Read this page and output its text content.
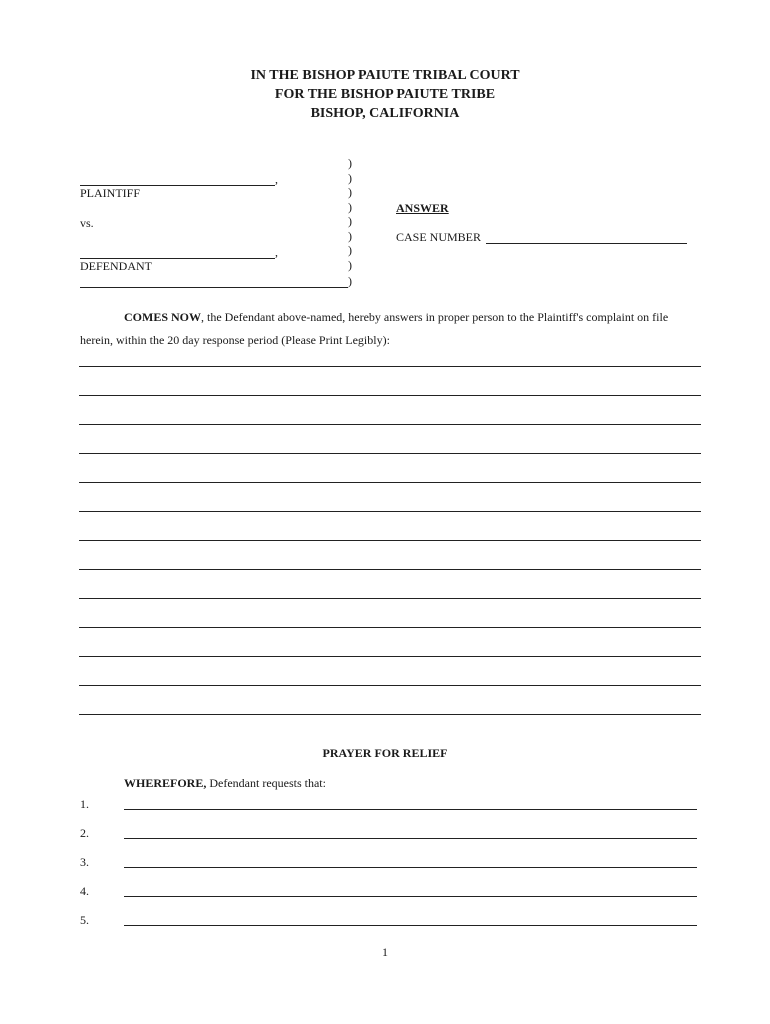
IN THE BISHOP PAIUTE TRIBAL COURT
FOR THE BISHOP PAIUTE TRIBE
BISHOP, CALIFORNIA
,
PLAINTIFF
vs.
,
DEFENDANT
)
)
)
)
)
)
)
)
)
ANSWER
CASE NUMBER
COMES NOW, the Defendant above-named, hereby answers in proper person to the Plaintiff's complaint on file
herein, within the 20 day response period (Please Print Legibly):
PRAYER FOR RELIEF
WHEREFORE, Defendant requests that:
1.
2.
3.
4.
5.
1
